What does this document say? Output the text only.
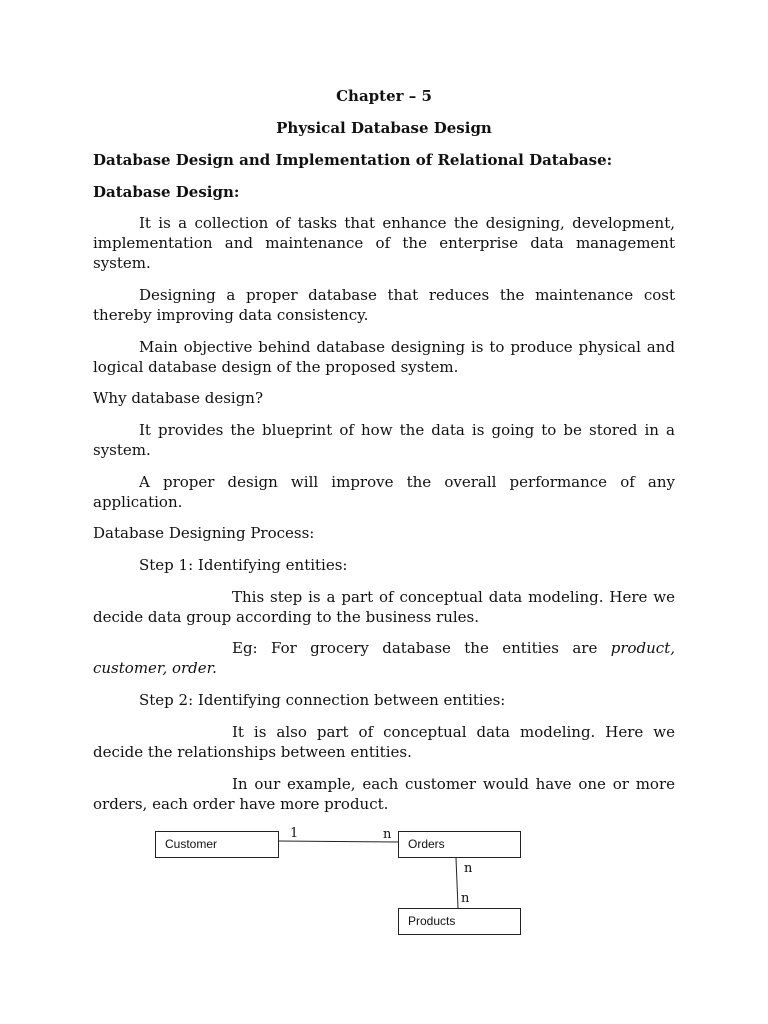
Chapter – 5

Physical Database Design

Database Design and Implementation of Relational Database:

Database Design:

It is a collection of tasks that enhance the designing, development, implementation and maintenance of the enterprise data management system.

Designing a proper database that reduces the maintenance cost thereby improving data consistency.

Main objective behind database designing is to produce physical and logical database design of the proposed system.

Why database design?

It provides the blueprint of how the data is going to be stored in a system.

A proper design will improve the overall performance of any application.

Database Designing Process:

Step 1: Identifying entities:

This step is a part of conceptual data modeling. Here we decide data group according to the business rules.

Eg: For grocery database the entities are product, customer, order.

Step 2: Identifying connection between entities:

It is also part of conceptual data modeling. Here we decide the relationships between entities.

In our example, each customer would have one or more orders, each order have more product.

Customer	Orders
Products
1	n
n
n
